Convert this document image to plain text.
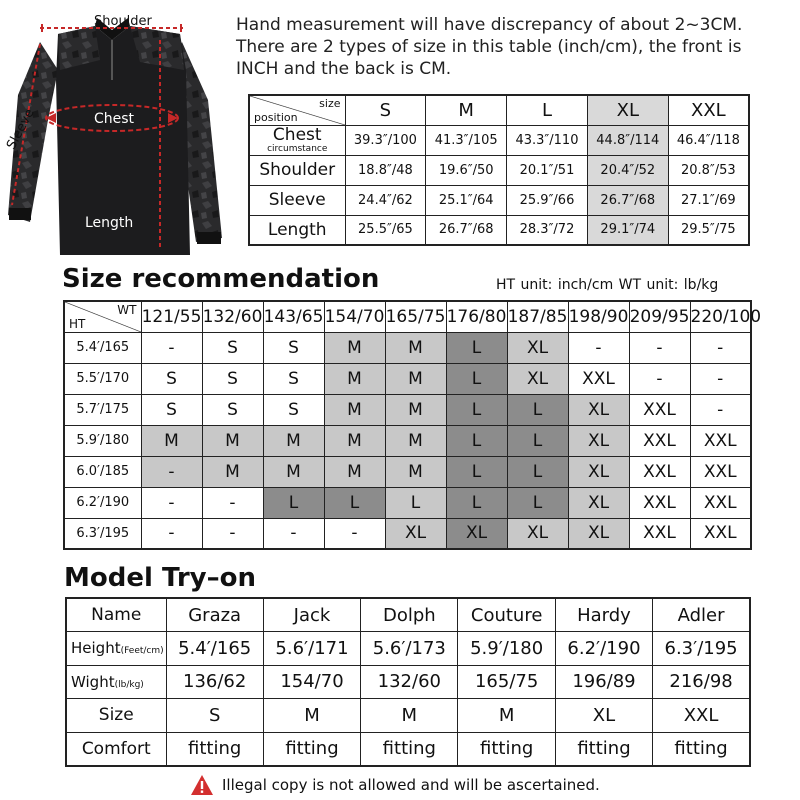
Shoulder
Chest
Sleeve
Length

Hand measurement will have discrepancy of about 2~3CM.

There are 2 types of size in this table (inch/cm), the front is

INCH and the back is CM.

size
position	S	M	L	XL	XXL

Chest
circumstance	39.3″/100	41.3″/105	43.3″/110	44.8″/114	46.4″/118
Shoulder	18.8″/48	19.6″/50	20.1″/51	20.4″/52	20.8″/53
Sleeve	24.4″/62	25.1″/64	25.9″/66	26.7″/68	27.1″/69
Length	25.5″/65	26.7″/68	28.3″/72	29.1″/74	29.5″/75
Size recommendation	HT unit: inch/cm WT unit: lb/kg
WT
HT	121/55	132/60	143/65	154/70	165/75	176/80	187/85	198/90	209/95	220/100
5.4′/165	-	S	S	M	M	L	XL	-	-	-
5.5′/170	S	S	S	M	M	L	XL	XXL	-	-
5.7′/175	S	S	S	M	M	L	L	XL	XXL	-
5.9′/180	M	M	M	M	M	L	L	XL	XXL	XXL
6.0′/185	-	M	M	M	M	L	L	XL	XXL	XXL
6.2′/190	-	-	L	L	L	L	L	XL	XXL	XXL
6.3′/195	-	-	-	-	XL	XL	XL	XL	XXL	XXL
Model Try–on
Name	Graza	Jack	Dolph	Couture	Hardy	Adler
Height(Feet/cm)	5.4′/165	5.6′/171	5.6′/173	5.9′/180	6.2′/190	6.3′/195
Wight(lb/kg)	136/62	154/70	132/60	165/75	196/89	216/98
Size	S	M	M	M	XL	XXL
Comfort	fitting	fitting	fitting	fitting	fitting	fitting
Illegal copy is not allowed and will be ascertained.
